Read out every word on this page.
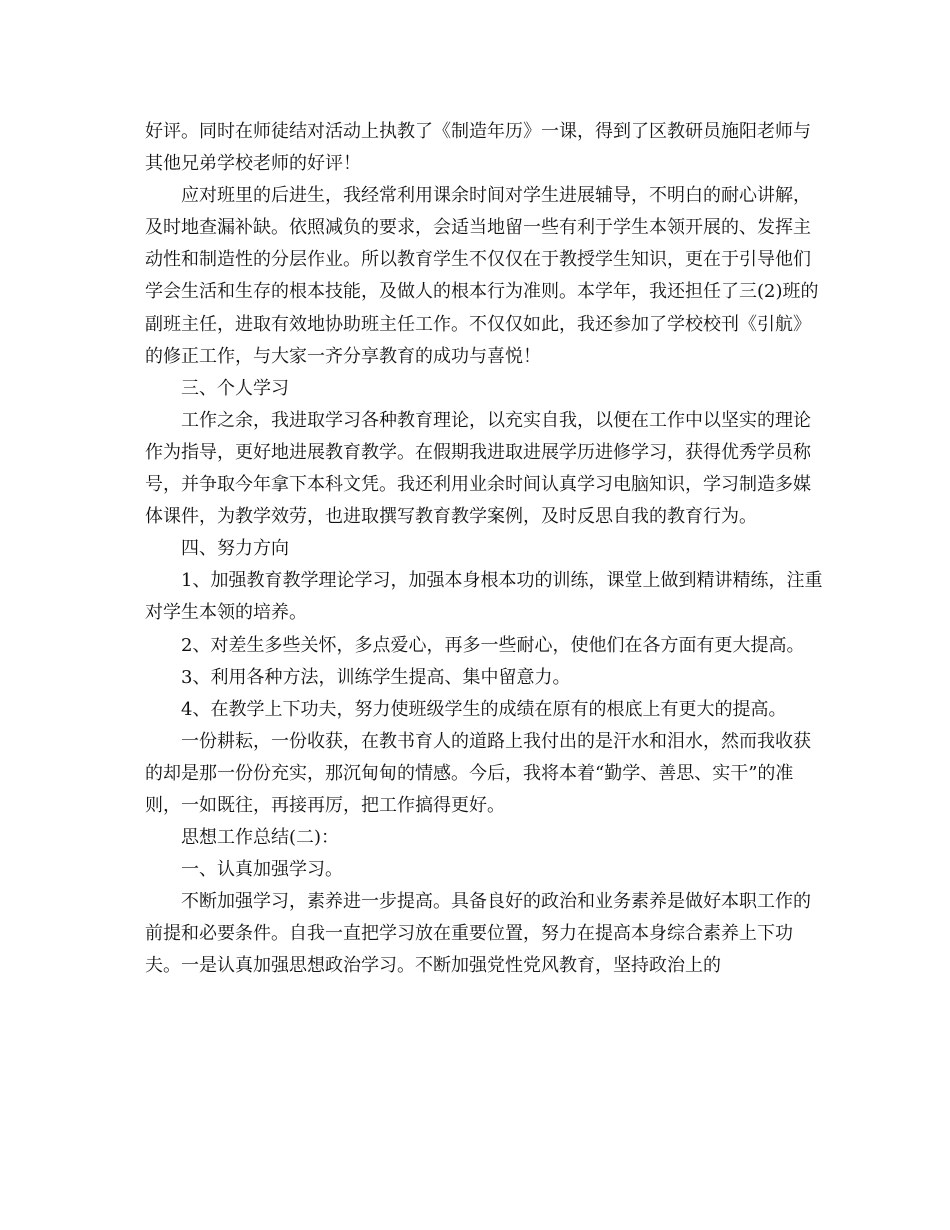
好评。同时在师徒结对活动上执教了《制造年历》一课，得到了区教研员施阳老师与其他兄弟学校老师的好评！

应对班里的后进生，我经常利用课余时间对学生进展辅导，不明白的耐心讲解，及时地查漏补缺。依照减负的要求，会适当地留一些有利于学生本领开展的、发挥主动性和制造性的分层作业。所以教育学生不仅仅在于教授学生知识，更在于引导他们学会生活和生存的根本技能，及做人的根本行为准则。本学年，我还担任了三(2)班的副班主任，进取有效地协助班主任工作。不仅仅如此，我还参加了学校校刊《引航》的修正工作，与大家一齐分享教育的成功与喜悦！

三、个人学习

工作之余，我进取学习各种教育理论，以充实自我，以便在工作中以坚实的理论作为指导，更好地进展教育教学。在假期我进取进展学历进修学习，获得优秀学员称号，并争取今年拿下本科文凭。我还利用业余时间认真学习电脑知识，学习制造多媒体课件，为教学效劳，也进取撰写教育教学案例，及时反思自我的教育行为。

四、努力方向

1、加强教育教学理论学习，加强本身根本功的训练，课堂上做到精讲精练，注重对学生本领的培养。

2、对差生多些关怀，多点爱心，再多一些耐心，使他们在各方面有更大提高。

3、利用各种方法，训练学生提高、集中留意力。

4、在教学上下功夫，努力使班级学生的成绩在原有的根底上有更大的提高。

一份耕耘，一份收获，在教书育人的道路上我付出的是汗水和泪水，然而我收获的却是那一份份充实，那沉甸甸的情感。今后，我将本着“勤学、善思、实干”的准则，一如既往，再接再厉，把工作搞得更好。

思想工作总结(二)：

一、认真加强学习。

不断加强学习，素养进一步提高。具备良好的政治和业务素养是做好本职工作的前提和必要条件。自我一直把学习放在重要位置，努力在提高本身综合素养上下功夫。一是认真加强思想政治学习。不断加强党性党风教育，坚持政治上的
